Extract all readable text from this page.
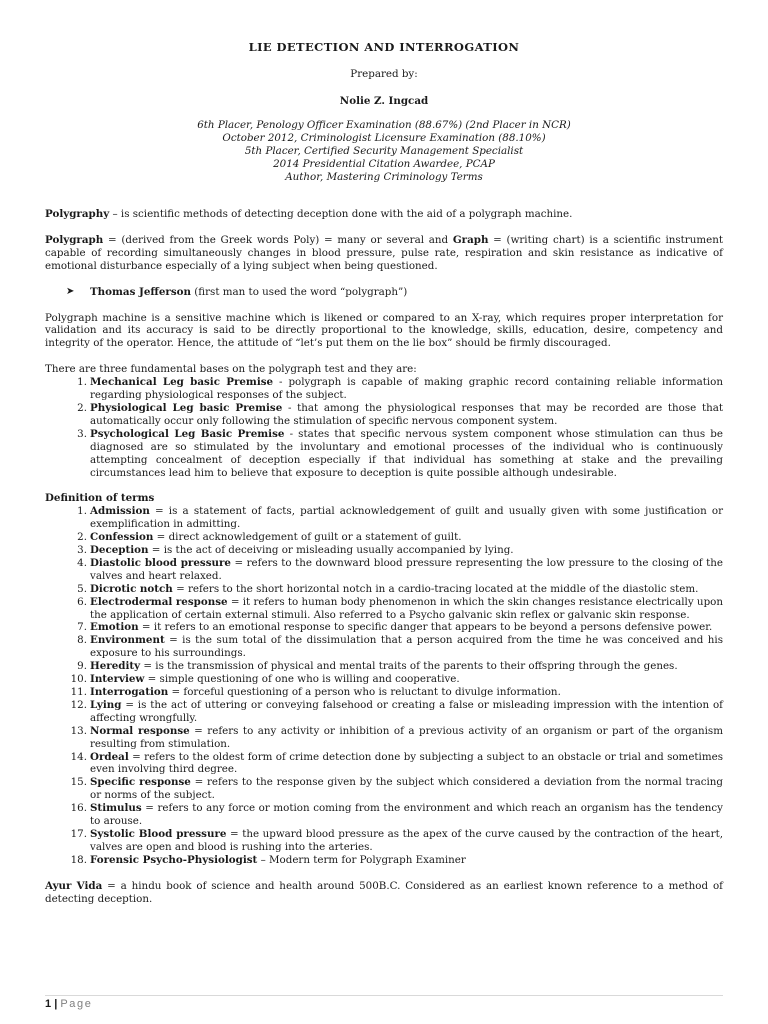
LIE DETECTION AND INTERROGATION
Prepared by:
Nolie Z. Ingcad
6th Placer, Penology Officer Examination (88.67%) (2nd Placer in NCR)
October 2012, Criminologist Licensure Examination (88.10%)
5th Placer, Certified Security Management Specialist
2014 Presidential Citation Awardee, PCAP
Author, Mastering Criminology Terms

Polygraphy – is scientific methods of detecting deception done with the aid of a polygraph machine.

Polygraph = (derived from the Greek words Poly) = many or several and Graph = (writing chart) is a scientific instrument capable of recording simultaneously changes in blood pressure, pulse rate, respiration and skin resistance as indicative of emotional disturbance especially of a lying subject when being questioned.

➤ Thomas Jefferson (first man to used the word “polygraph”)

Polygraph machine is a sensitive machine which is likened or compared to an X-ray, which requires proper interpretation for validation and its accuracy is said to be directly proportional to the knowledge, skills, education, desire, competency and integrity of the operator. Hence, the attitude of “let’s put them on the lie box” should be firmly discouraged.

There are three fundamental bases on the polygraph test and they are:

1. Mechanical Leg basic Premise - polygraph is capable of making graphic record containing reliable information regarding physiological responses of the subject.
2. Physiological Leg basic Premise - that among the physiological responses that may be recorded are those that automatically occur only following the stimulation of specific nervous component system.
3. Psychological Leg Basic Premise - states that specific nervous system component whose stimulation can thus be diagnosed are so stimulated by the involuntary and emotional processes of the individual who is continuously attempting concealment of deception especially if that individual has something at stake and the prevailing circumstances lead him to believe that exposure to deception is quite possible although undesirable.

Definition of terms

1. Admission = is a statement of facts, partial acknowledgement of guilt and usually given with some justification or exemplification in admitting.
2. Confession = direct acknowledgement of guilt or a statement of guilt.
3. Deception = is the act of deceiving or misleading usually accompanied by lying.
4. Diastolic blood pressure = refers to the downward blood pressure representing the low pressure to the closing of the valves and heart relaxed.
5. Dicrotic notch = refers to the short horizontal notch in a cardio-tracing located at the middle of the diastolic stem.
6. Electrodermal response = it refers to human body phenomenon in which the skin changes resistance electrically upon the application of certain external stimuli. Also referred to a Psycho galvanic skin reflex or galvanic skin response.
7. Emotion = it refers to an emotional response to specific danger that appears to be beyond a persons defensive power.
8. Environment = is the sum total of the dissimulation that a person acquired from the time he was conceived and his exposure to his surroundings.
9. Heredity = is the transmission of physical and mental traits of the parents to their offspring through the genes.
10. Interview = simple questioning of one who is willing and cooperative.
11. Interrogation = forceful questioning of a person who is reluctant to divulge information.
12. Lying = is the act of uttering or conveying falsehood or creating a false or misleading impression with the intention of affecting wrongfully.
13. Normal response = refers to any activity or inhibition of a previous activity of an organism or part of the organism resulting from stimulation.
14. Ordeal = refers to the oldest form of crime detection done by subjecting a subject to an obstacle or trial and sometimes even involving third degree.
15. Specific response = refers to the response given by the subject which considered a deviation from the normal tracing or norms of the subject.
16. Stimulus = refers to any force or motion coming from the environment and which reach an organism has the tendency to arouse.
17. Systolic Blood pressure = the upward blood pressure as the apex of the curve caused by the contraction of the heart, valves are open and blood is rushing into the arteries.
18. Forensic Psycho-Physiologist – Modern term for Polygraph Examiner

Ayur Vida = a hindu book of science and health around 500B.C. Considered as an earliest known reference to a method of detecting deception.

1 | Page
